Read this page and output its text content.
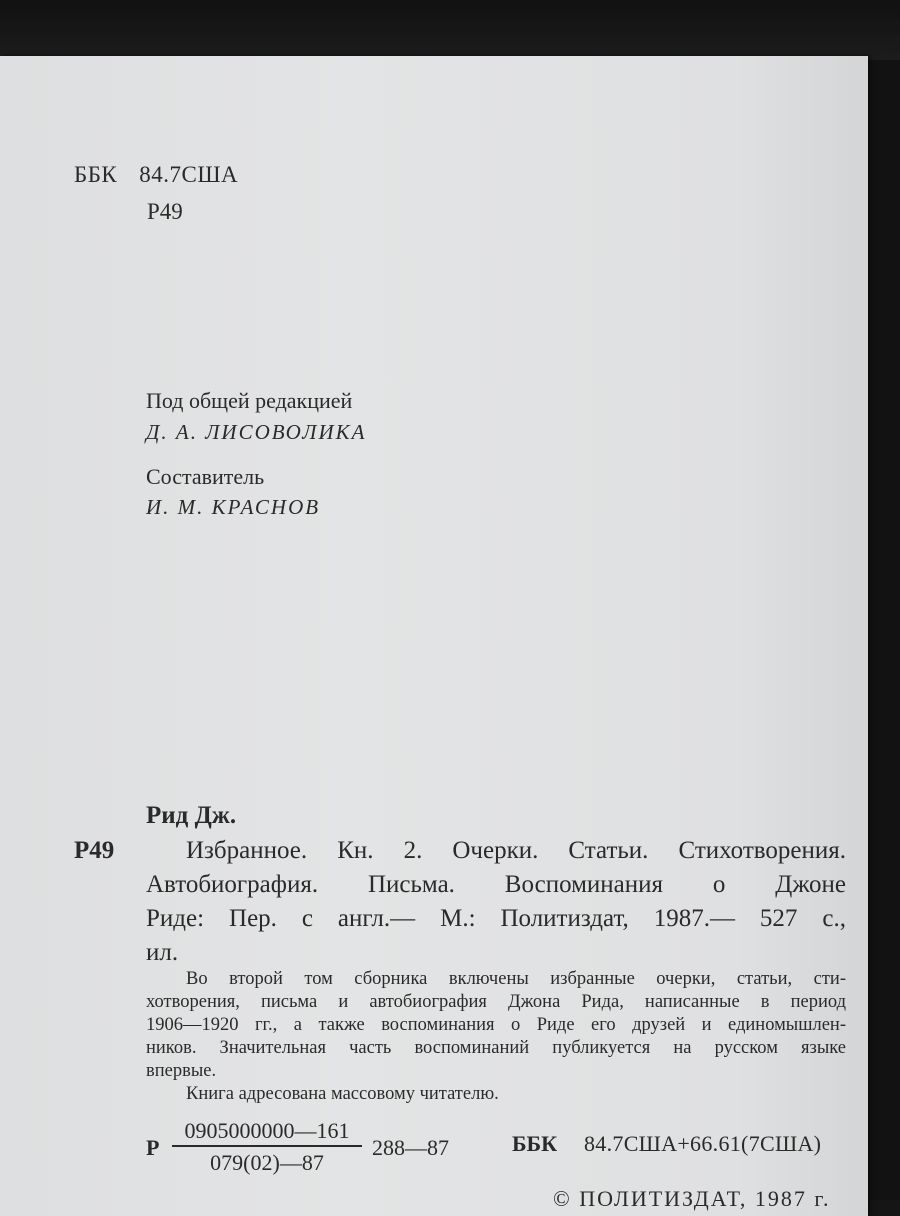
ББК 84.7США
Р49
Под общей редакцией
Д. А. ЛИСОВОЛИКА
Составитель
И. М. КРАСНОВ
Рид Дж.
Р49	Избранное. Кн. 2. Очерки. Статьи. Стихотворения.
Автобиография. Письма. Воспоминания о Джоне
Риде: Пер. с англ.— М.: Политиздат, 1987.— 527 с.,
ил.
Во второй том сборника включены избранные очерки, статьи, сти-
хотворения, письма и автобиография Джона Рида, написанные в период
1906—1920 гг., а также воспоминания о Риде его друзей и единомышлен-
ников. Значительная часть воспоминаний публикуется на русском языке
впервые.
Книга адресована массовому читателю.
Р $\frac{0905000000—161}{079(02)—87}$ 288—87	ББК 84.7США+66.61(7США)
© ПОЛИТИЗДАТ, 1987 г.
